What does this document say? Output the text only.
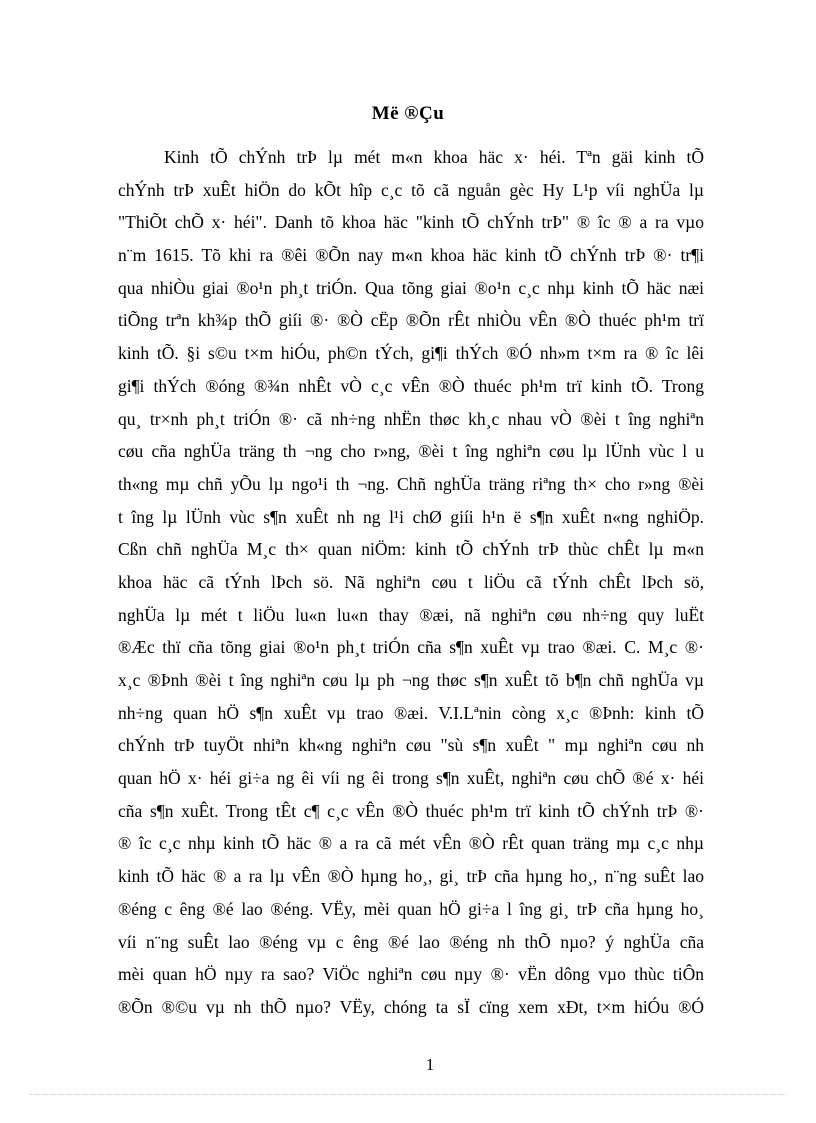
Më ®Çu
Kinh tÕ chÝnh trÞ lµ mét m«n khoa häc x· héi. Tªn gäi kinh tÕ
chÝnh trÞ xuÊt hiÖn do kÕt hîp c¸c tõ cã nguån gèc Hy L¹p víi nghÜa lµ
"ThiÕt chÕ x· héi". Danh tõ khoa häc "kinh tÕ chÝnh trÞ" ® îc ® a ra vµo
n¨m 1615. Tõ khi ra ®êi ®Õn nay m«n khoa häc kinh tÕ chÝnh trÞ ®· tr¶i
qua nhiÒu giai ®o¹n ph¸t triÓn. Qua tõng giai ®o¹n c¸c nhµ kinh tÕ häc næi
tiÕng trªn kh¾p thÕ giíi ®· ®Ò cËp ®Õn rÊt nhiÒu vÊn ®Ò thuéc ph¹m trï
kinh tÕ. §i s©u t×m hiÓu, ph©n tÝch, gi¶i thÝch ®Ó nh»m t×m ra ® îc lêi
gi¶i thÝch ®óng ®¾n nhÊt vÒ c¸c vÊn ®Ò thuéc ph¹m trï kinh tÕ. Trong
qu¸ tr×nh ph¸t triÓn ®· cã nh÷ng nhËn thøc kh¸c nhau vÒ ®èi t îng nghiªn
cøu cña nghÜa träng th ¬ng cho r»ng, ®èi t îng nghiªn cøu lµ lÜnh vùc l u
th«ng mµ chñ yÕu lµ ngo¹i th ¬ng. Chñ nghÜa träng riªng th× cho r»ng ®èi
t îng lµ lÜnh vùc s¶n xuÊt nh ng l¹i chØ giíi h¹n ë s¶n xuÊt n«ng nghiÖp.
Cßn chñ nghÜa M¸c th× quan niÖm: kinh tÕ chÝnh trÞ thùc chÊt lµ m«n
khoa häc cã tÝnh lÞch sö. Nã nghiªn cøu t liÖu cã tÝnh chÊt lÞch sö,
nghÜa lµ mét t liÖu lu«n lu«n thay ®æi, nã nghiªn cøu nh÷ng quy luËt
®Æc thï cña tõng giai ®o¹n ph¸t triÓn cña s¶n xuÊt vµ trao ®æi. C. M¸c ®·
x¸c ®Þnh ®èi t îng nghiªn cøu lµ ph ¬ng thøc s¶n xuÊt tõ b¶n chñ nghÜa vµ
nh÷ng quan hÖ s¶n xuÊt vµ trao ®æi. V.I.Lªnin còng x¸c ®Þnh: kinh tÕ
chÝnh trÞ tuyÖt nhiªn kh«ng nghiªn cøu "sù s¶n xuÊt " mµ nghiªn cøu nh
quan hÖ x· héi gi÷a ng êi víi ng êi trong s¶n xuÊt, nghiªn cøu chÕ ®é x· héi
cña s¶n xuÊt. Trong tÊt c¶ c¸c vÊn ®Ò thuéc ph¹m trï kinh tÕ chÝnh trÞ ®·
® îc c¸c nhµ kinh tÕ häc ® a ra cã mét vÊn ®Ò rÊt quan träng mµ c¸c nhµ
kinh tÕ häc ® a ra lµ vÊn ®Ò hµng ho¸, gi¸ trÞ cña hµng ho¸, n¨ng suÊt lao
®éng c êng ®é lao ®éng. VËy, mèi quan hÖ gi÷a l îng gi¸ trÞ cña hµng ho¸
víi n¨ng suÊt lao ®éng vµ c êng ®é lao ®éng nh thÕ nµo? ý nghÜa cña
mèi quan hÖ nµy ra sao? ViÖc nghiªn cøu nµy ®· vËn dông vµo thùc tiÔn
®Õn ®©u vµ nh thÕ nµo? VËy, chóng ta sÏ cïng xem xÐt, t×m hiÓu ®Ó
1
